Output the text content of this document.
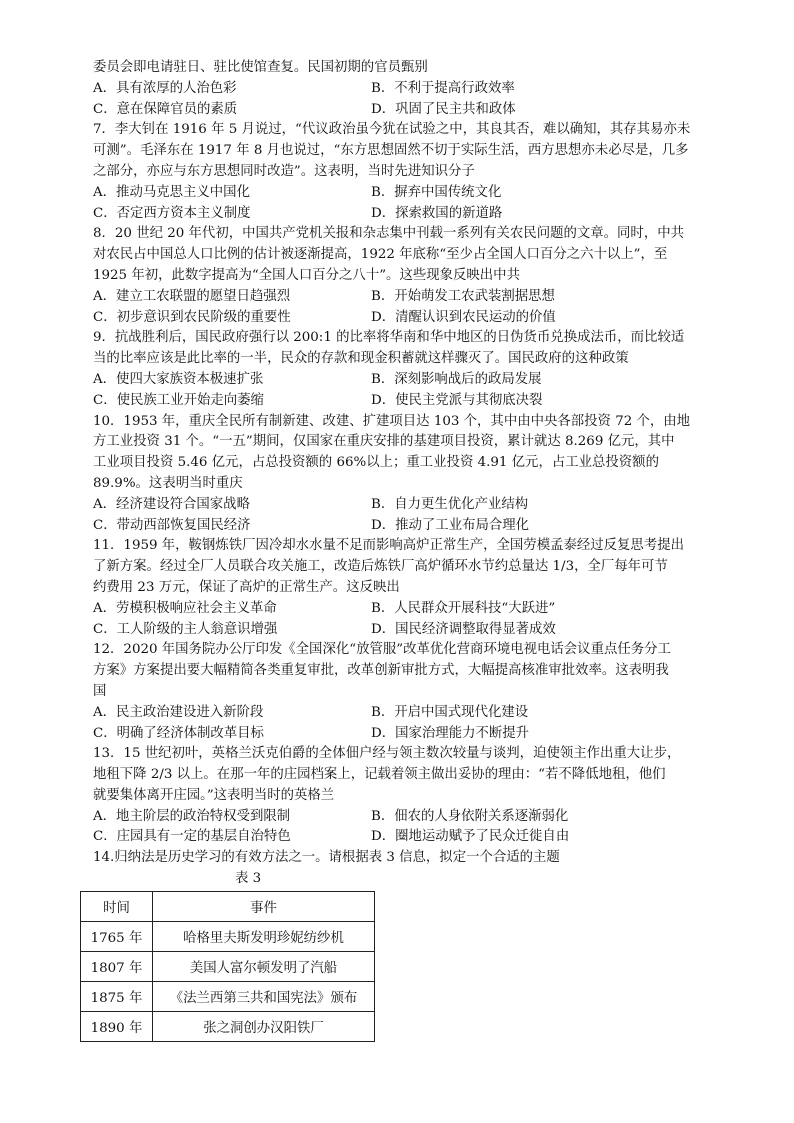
委员会即电请驻日、驻比使馆查复。民国初期的官员甄别
A．具有浓厚的人治色彩	B．不利于提高行政效率
C．意在保障官员的素质	D．巩固了民主共和政体
7．李大钊在 1916 年 5 月说过，“代议政治虽今犹在试验之中，其良其否，难以确知，其存其易亦未
可测”。毛泽东在 1917 年 8 月也说过，“东方思想固然不切于实际生活，西方思想亦未必尽是，几多
之部分，亦应与东方思想同时改造”。这表明，当时先进知识分子
A．推动马克思主义中国化	B．摒弃中国传统文化
C．否定西方资本主义制度	D．探索救国的新道路
8．20 世纪 20 年代初，中国共产党机关报和杂志集中刊载一系列有关农民问题的文章。同时，中共
对农民占中国总人口比例的估计被逐渐提高，1922 年底称“至少占全国人口百分之六十以上”，至
1925 年初，此数字提高为“全国人口百分之八十”。这些现象反映出中共
A．建立工农联盟的愿望日趋强烈	B．开始萌发工农武装割据思想
C．初步意识到农民阶级的重要性	D．清醒认识到农民运动的价值
9．抗战胜利后，国民政府强行以 200:1 的比率将华南和华中地区的日伪货币兑换成法币，而比较适
当的比率应该是此比率的一半，民众的存款和现金积蓄就这样骤灭了。国民政府的这种政策
A．使四大家族资本极速扩张	B．深刻影响战后的政局发展
C．使民族工业开始走向萎缩	D．使民主党派与其彻底决裂
10．1953 年，重庆全民所有制新建、改建、扩建项目达 103 个，其中由中央各部投资 72 个，由地
方工业投资 31 个。“一五”期间，仅国家在重庆安排的基建项目投资，累计就达 8.269 亿元，其中
工业项目投资 5.46 亿元，占总投资额的 66%以上；重工业投资 4.91 亿元，占工业总投资额的
89.9%。这表明当时重庆
A．经济建设符合国家战略	B．自力更生优化产业结构
C．带动西部恢复国民经济	D．推动了工业布局合理化
11．1959 年，鞍钢炼铁厂因冷却水水量不足而影响高炉正常生产，全国劳模孟泰经过反复思考提出
了新方案。经过全厂人员联合攻关施工，改造后炼铁厂高炉循环水节约总量达 1/3，全厂每年可节
约费用 23 万元，保证了高炉的正常生产。这反映出
A．劳模积极响应社会主义革命	B．人民群众开展科技“大跃进”
C．工人阶级的主人翁意识增强	D．国民经济调整取得显著成效
12．2020 年国务院办公厅印发《全国深化“放管服”改革优化营商环境电视电话会议重点任务分工
方案》方案提出要大幅精简各类重复审批，改革创新审批方式，大幅提高核准审批效率。这表明我
国
A．民主政治建设进入新阶段	B．开启中国式现代化建设
C．明确了经济体制改革目标	D．国家治理能力不断提升
13．15 世纪初叶，英格兰沃克伯爵的全体佃户经与领主数次较量与谈判，迫使领主作出重大让步，
地租下降 2/3 以上。在那一年的庄园档案上，记载着领主做出妥协的理由：“若不降低地租，他们
就要集体离开庄园。”这表明当时的英格兰
A．地主阶层的政治特权受到限制	B．佃农的人身依附关系逐渐弱化
C．庄园具有一定的基层自治特色	D．圈地运动赋予了民众迁徙自由
14.归纳法是历史学习的有效方法之一。请根据表 3 信息，拟定一个合适的主题
表 3
时间	事件
1765 年	哈格里夫斯发明珍妮纺纱机
1807 年	美国人富尔顿发明了汽船
1875 年	《法兰西第三共和国宪法》颁布
1890 年	张之洞创办汉阳铁厂
